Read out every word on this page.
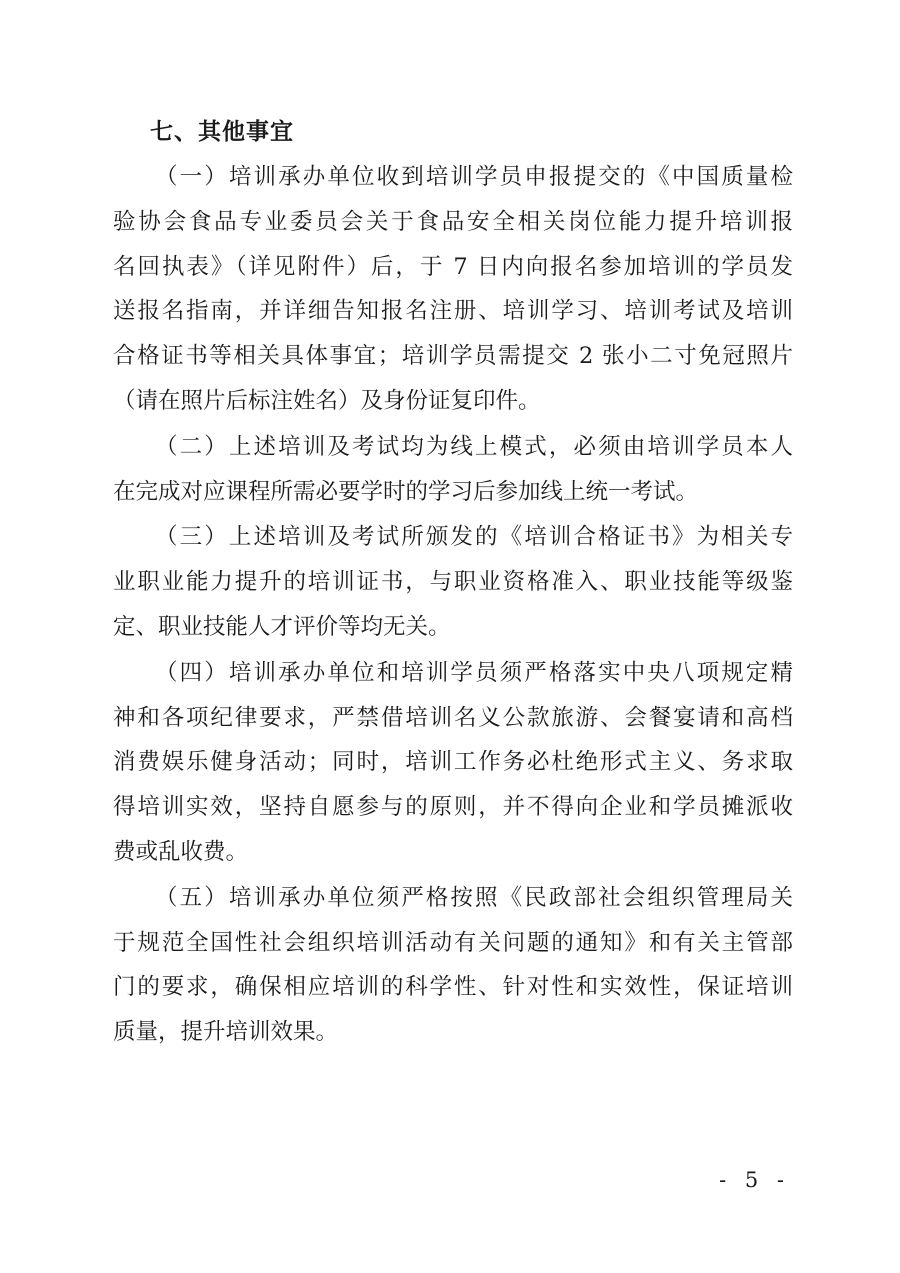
七、其他事宜
（一）培训承办单位收到培训学员申报提交的《中国质量检
验协会食品专业委员会关于食品安全相关岗位能力提升培训报
名回执表》（详见附件）后，于 7 日内向报名参加培训的学员发
送报名指南，并详细告知报名注册、培训学习、培训考试及培训
合格证书等相关具体事宜；培训学员需提交 2 张小二寸免冠照片
（请在照片后标注姓名）及身份证复印件。
（二）上述培训及考试均为线上模式，必须由培训学员本人
在完成对应课程所需必要学时的学习后参加线上统一考试。
（三）上述培训及考试所颁发的《培训合格证书》为相关专
业职业能力提升的培训证书，与职业资格准入、职业技能等级鉴
定、职业技能人才评价等均无关。
（四）培训承办单位和培训学员须严格落实中央八项规定精
神和各项纪律要求，严禁借培训名义公款旅游、会餐宴请和高档
消费娱乐健身活动；同时，培训工作务必杜绝形式主义、务求取
得培训实效，坚持自愿参与的原则，并不得向企业和学员摊派收
费或乱收费。
（五）培训承办单位须严格按照《民政部社会组织管理局关
于规范全国性社会组织培训活动有关问题的通知》和有关主管部
门的要求，确保相应培训的科学性、针对性和实效性，保证培训
质量，提升培训效果。
- 5 -
